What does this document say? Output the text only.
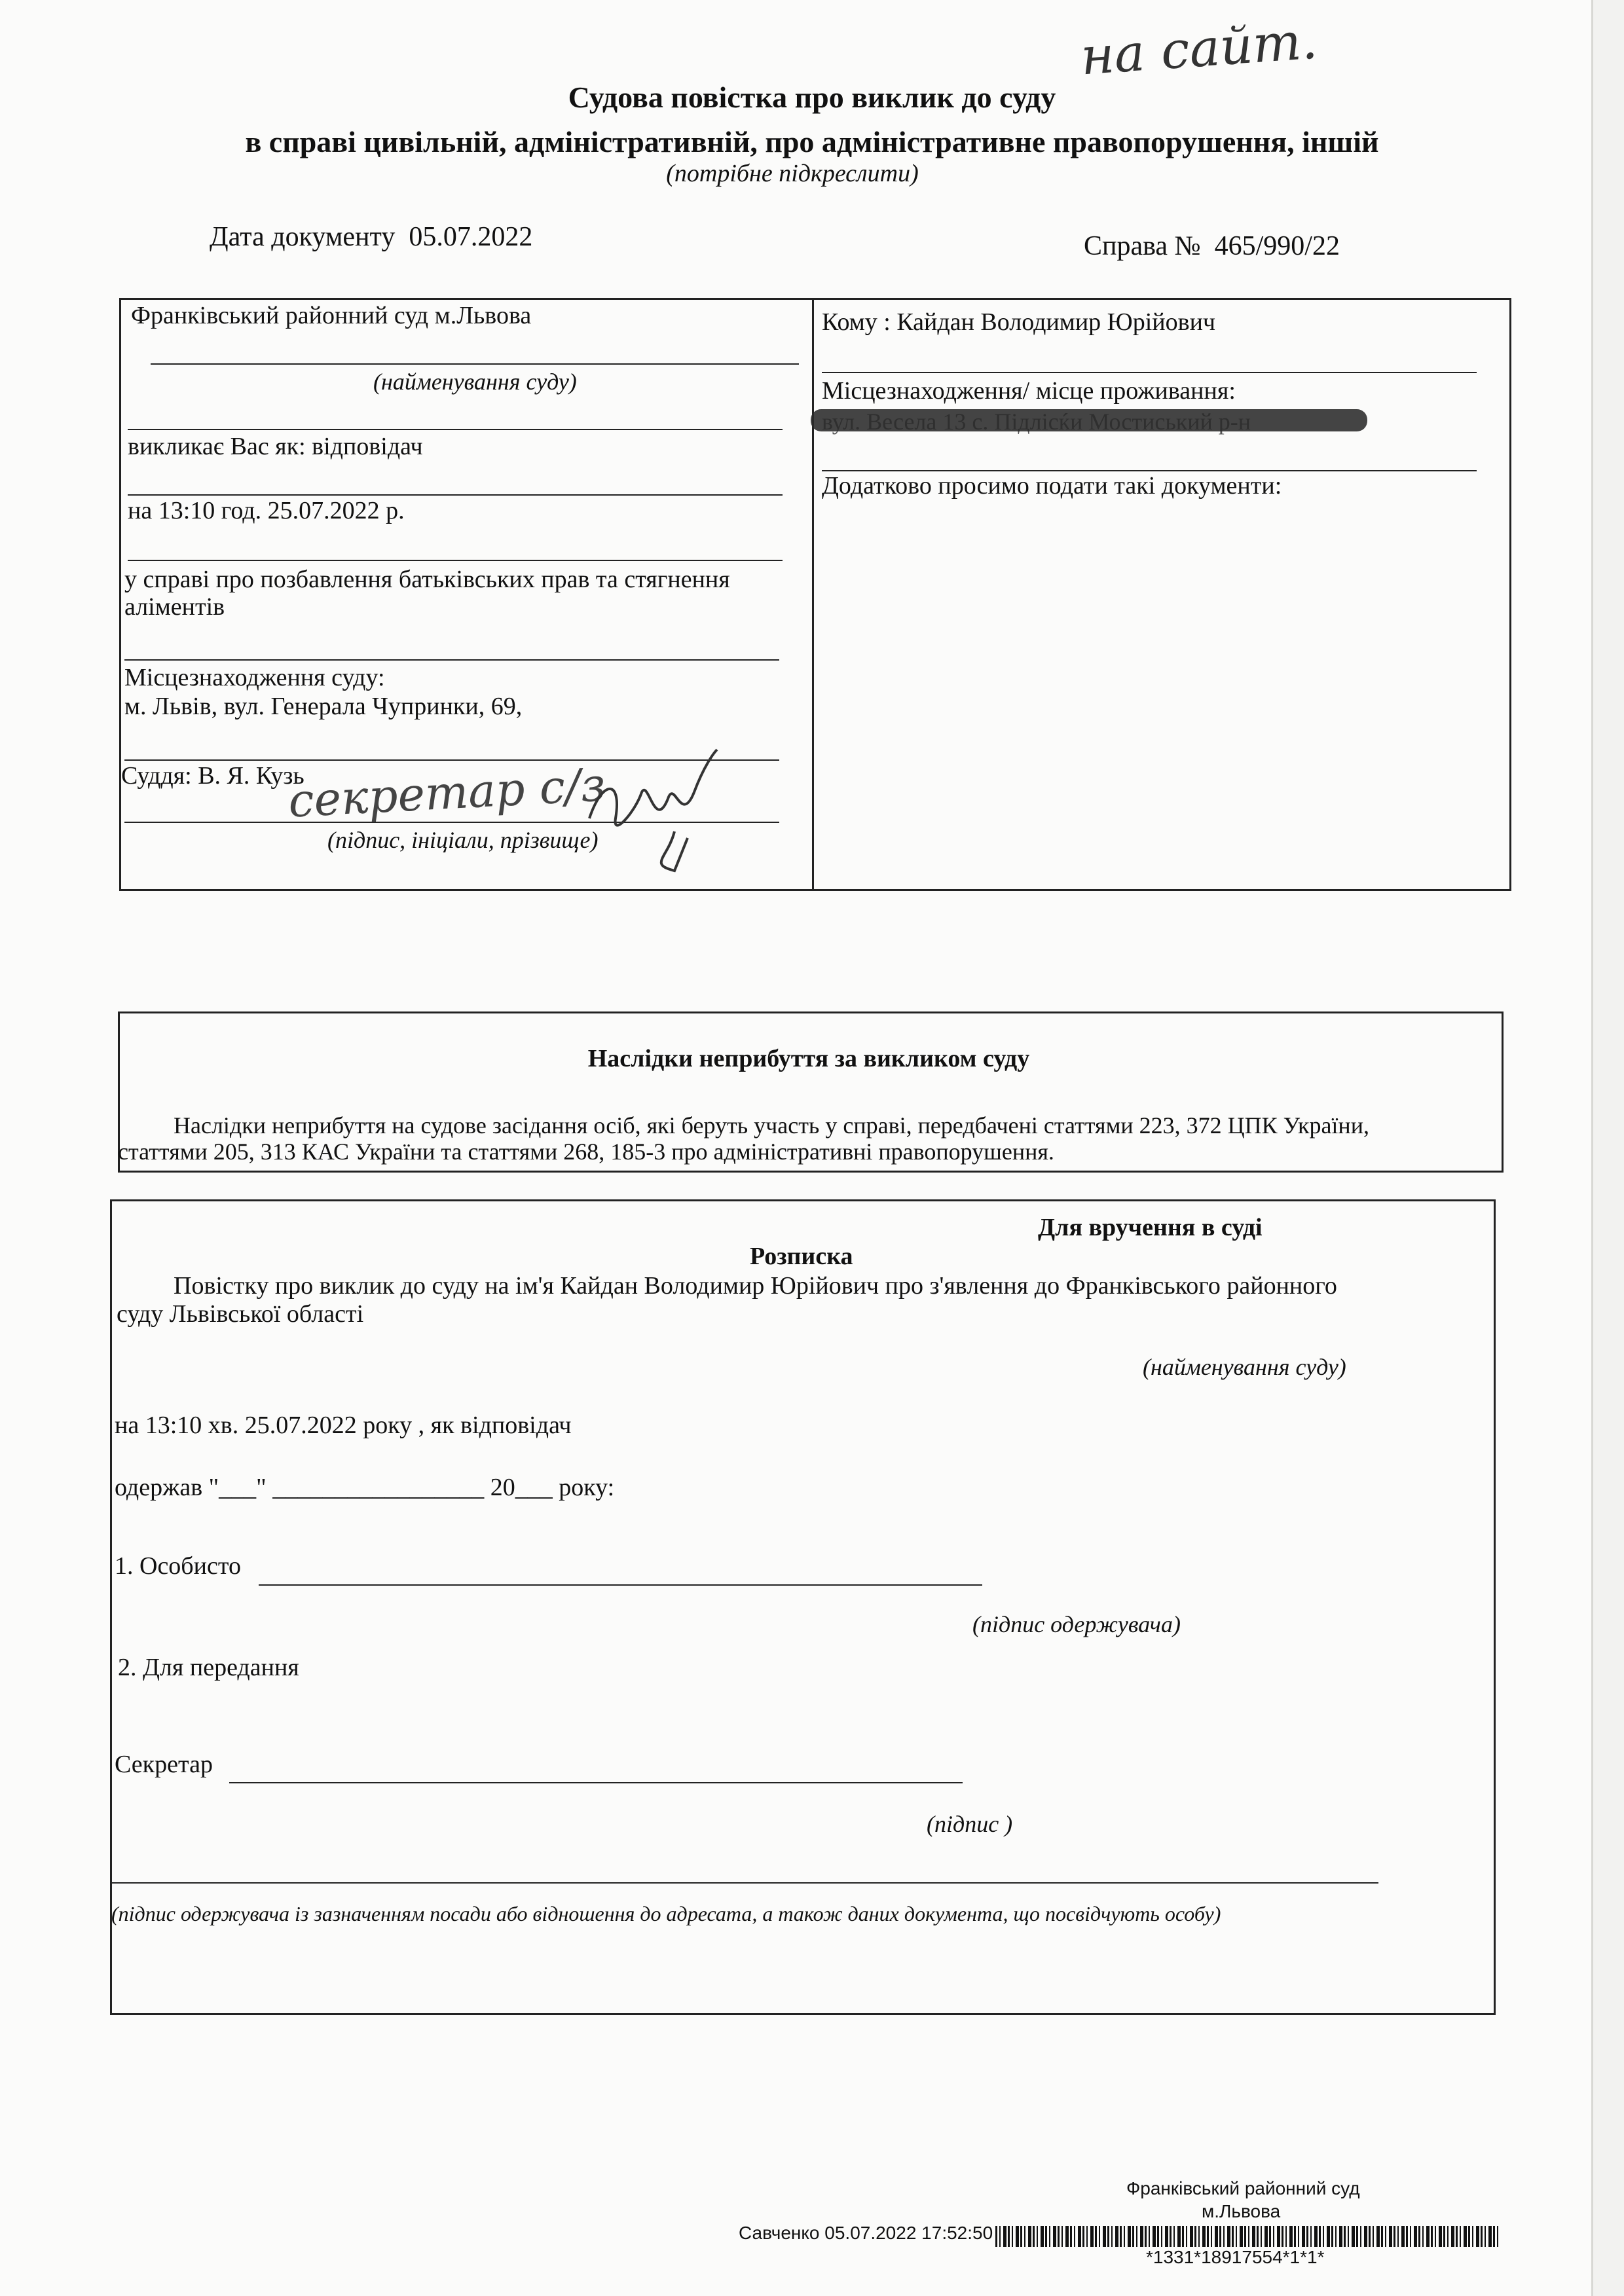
на сайт.
Судова повістка про виклик до суду
в справі цивільній, адміністративній, про адміністративне правопорушення, іншій
(потрібне підкреслити)
Дата документу 05.07.2022	Справа № 465/990/22
Франківський районний суд м.Львова
(найменування суду)
викликає Вас як: відповідач
на 13:10 год. 25.07.2022 р.
у справі про позбавлення батьківських прав та стягнення
аліментів
Місцезнаходження суду:
м. Львів, вул. Генерала Чупринки, 69,
Суддя: В. Я. Кузь
(підпис, ініціали, прізвище)
секретар с/з
Кому : Кайдан Володимир Юрійович
Місцезнаходження/ місце проживання:
Додатково просимо подати такі документи:
Наслідки неприбуття за викликом суду
Наслідки неприбуття на судове засідання осіб, які беруть участь у справі, передбачені статтями 223, 372 ЦПК України,
статтями 205, 313 КАС України та статтями 268, 185-3 про адміністративні правопорушення.
Для вручення в суді
Розписка
Повістку про виклик до суду на ім'я Кайдан Володимир Юрійович про з'явлення до Франківського районного
суду Львівської області
(найменування суду)
на 13:10 хв. 25.07.2022 року , як відповідач
одержав "___" _________________ 20___ року:
1. Особисто
(підпис одержувача)
2. Для передання
Секретар
(підпис )
(підпис одержувача із зазначенням посади або відношення до адресата, а також даних документа, що посвідчують особу)
Франківський районний суд
м.Львова
Савченко 05.07.2022 17:52:50
*1331*18917554*1*1*
